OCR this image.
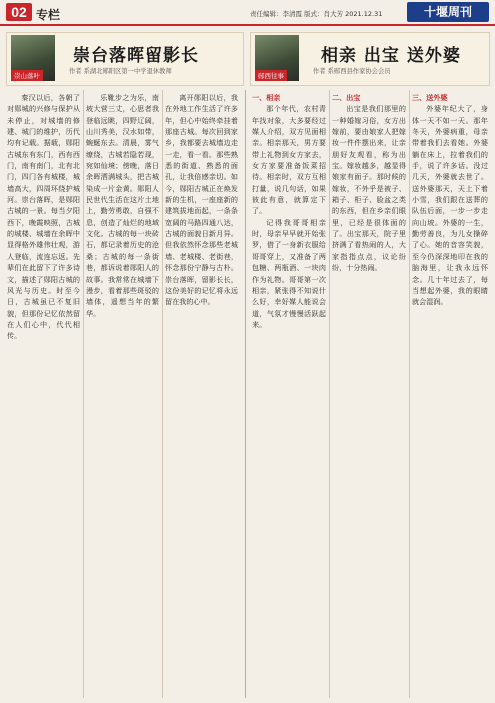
02 专栏	责任编辑：李清霞 版式：肖大芳 2021.12.31	十堰周刊
崇山落叶
崇台落晖留影长
作者 系湖北郧阳区第一中学退休教师
郧西往事
相亲 出宝 送外婆
作者 系郧西县作家协会会员

秦汉以后，各朝了对郧城的兴修与保护从未停止，对城墙的修建、城门的维护，历代均有记载。据载，郧阳古城东有东门，西有西门，南有南门，北有北门，四门各有城楼，城墙高大，四周环绕护城河。崇台落晖，是郧阳古城的一景。每当夕阳西下，晚霞映照，古城的城楼、城墙在余晖中显得格外雄伟壮观，游人登临，流连忘返。先辈们在此留下了许多诗文，描述了郧阳古城的风光与历史。时至今日，古城虽已不复旧貌，但那份记忆依然留在人们心中，代代相传。

乐靴步之为乐，南坡大营三丈，心思者我登临远眺，四野辽阔，山川秀美，汉水如带，蜿蜒东去。清晨，雾气缭绕，古城若隐若现，宛如仙境；傍晚，落日余晖洒满城头，把古城染成一片金黄。郧阳人民世代生活在这片土地上，勤劳勇敢，自强不息，创造了灿烂的地域文化。古城的每一块砖石，都记录着历史的沧桑；古城的每一条街巷，都诉说着郧阳人的故事。我常常在城墙下漫步，看着那些斑驳的墙体，遥想当年的繁华。

离开郧阳以后，我在外地工作生活了许多年，但心中始终牵挂着那座古城。每次回到家乡，我都要去城墙边走一走，看一看。那些熟悉的街道、熟悉的面孔，让我倍感亲切。如今，郧阳古城正在焕发新的生机，一座座新的建筑拔地而起，一条条宽阔的马路四通八达，古城的面貌日新月异。但我依然怀念那些老城墙、老城楼、老街巷，怀念那份宁静与古朴。崇台落晖，留影长长，这份美好的记忆将永远留在我的心中。

一、相亲

那个年代，农村青年找对象，大多要经过媒人介绍，双方见面相亲。相亲那天，男方要带上礼物到女方家去，女方家要准备饭菜招待。相亲时，双方互相打量，说几句话，如果彼此有意，就算定下了。

记得我哥哥相亲时，母亲早早就开始张罗，借了一身新衣服给哥哥穿上，又准备了两包糖、两瓶酒、一块肉作为礼物。哥哥第一次相亲，紧张得不知说什么好，幸好媒人能说会道，气氛才慢慢活跃起来。

二、出宝

出宝是我们那里的一种婚嫁习俗，女方出嫁前，要由娘家人把嫁妆一件件摆出来，让亲朋好友观看，称为出宝。嫁妆越多，越显得娘家有面子。那时候的嫁妆，不外乎是被子、箱子、柜子、脸盆之类的东西，但在乡亲们眼里，已经是很体面的了。出宝那天，院子里挤满了看热闹的人，大家指指点点，议论纷纷，十分热闹。

三、送外婆

外婆年纪大了，身体一天不如一天。那年冬天，外婆病重，母亲带着我们去看她。外婆躺在床上，拉着我们的手，说了许多话。没过几天，外婆就去世了。送外婆那天，天上下着小雪，我们跟在送葬的队伍后面，一步一步走向山坡。外婆的一生，勤劳善良，为儿女操碎了心。她的音容笑貌，至今仍深深地印在我的脑海里，让我永远怀念。几十年过去了，每当想起外婆，我的眼睛就会湿润。
